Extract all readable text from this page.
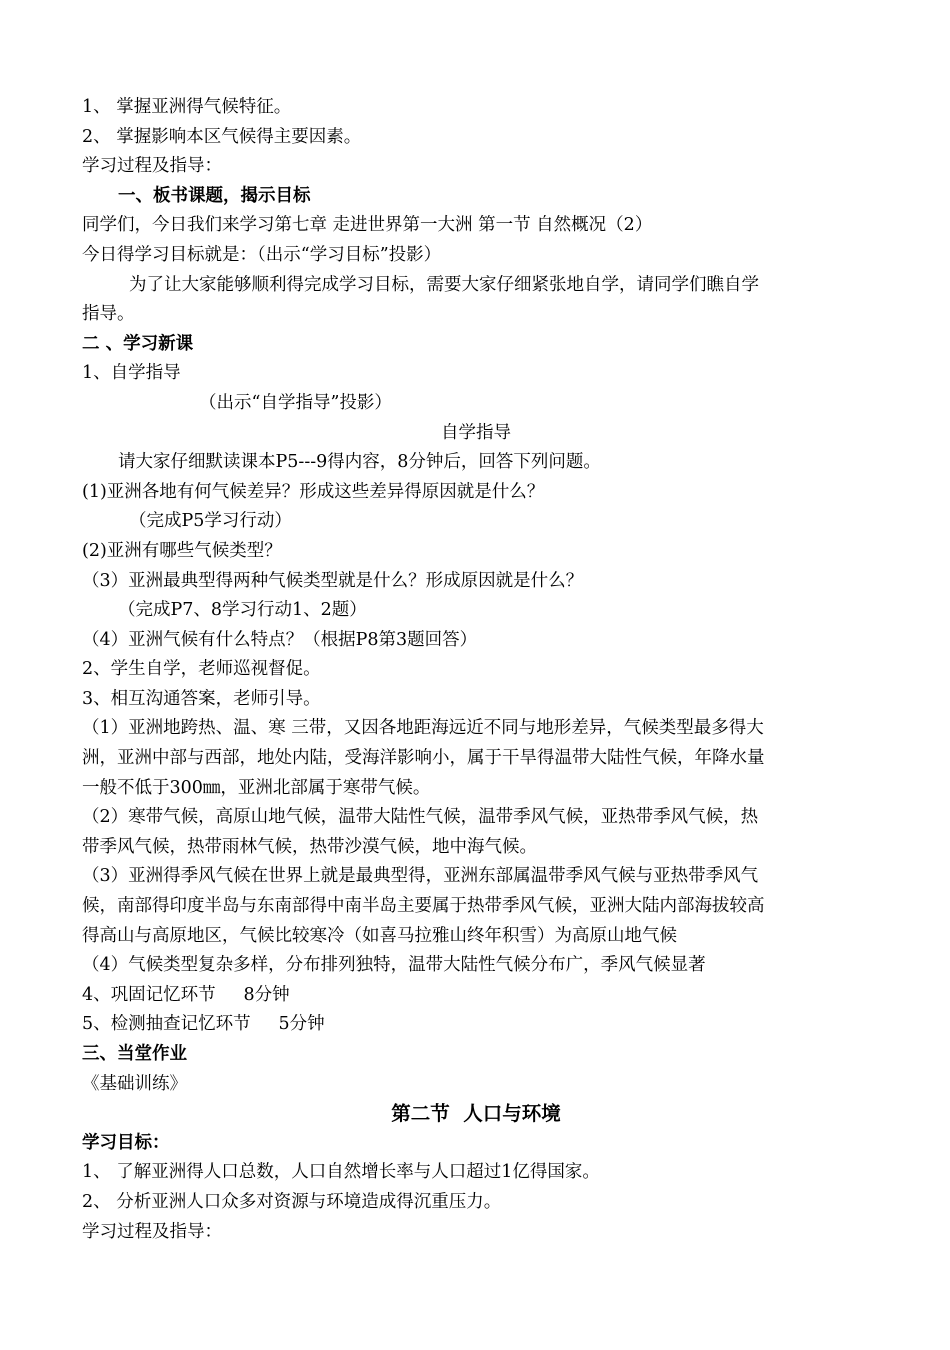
1、 掌握亚洲得气候特征。
2、 掌握影响本区气候得主要因素。
学习过程及指导：
一、板书课题，揭示目标
同学们，今日我们来学习第七章 走进世界第一大洲 第一节 自然概况（2）
今日得学习目标就是：（出示“学习目标”投影）
为了让大家能够顺利得完成学习目标，需要大家仔细紧张地自学，请同学们瞧自学
指导。
二 、学习新课
1、自学指导
（出示“自学指导”投影）
自学指导
请大家仔细默读课本P5---9得内容，8分钟后，回答下列问题。
(1)亚洲各地有何气候差异？形成这些差异得原因就是什么？
（完成P5学习行动）
(2)亚洲有哪些气候类型？
（3）亚洲最典型得两种气候类型就是什么？形成原因就是什么？
（完成P7、8学习行动1、2题）
（4）亚洲气候有什么特点？（根据P8第3题回答）
2、学生自学，老师巡视督促。
3、相互沟通答案，老师引导。
（1）亚洲地跨热、温、寒 三带，又因各地距海远近不同与地形差异，气候类型最多得大
洲，亚洲中部与西部，地处内陆，受海洋影响小，属于干旱得温带大陆性气候，年降水量
一般不低于300㎜，亚洲北部属于寒带气候。
（2）寒带气候，高原山地气候，温带大陆性气候，温带季风气候，亚热带季风气候，热
带季风气候，热带雨林气候，热带沙漠气候，地中海气候。
（3）亚洲得季风气候在世界上就是最典型得，亚洲东部属温带季风气候与亚热带季风气
候，南部得印度半岛与东南部得中南半岛主要属于热带季风气候，亚洲大陆内部海拔较高
得高山与高原地区，气候比较寒冷（如喜马拉雅山终年积雪）为高原山地气候
（4）气候类型复杂多样，分布排列独特，温带大陆性气候分布广，季风气候显著
4、巩固记忆环节     8分钟
5、检测抽查记忆环节     5分钟
三、当堂作业
《基础训练》
第二节  人口与环境
学习目标：
1、 了解亚洲得人口总数，人口自然增长率与人口超过1亿得国家。
2、 分析亚洲人口众多对资源与环境造成得沉重压力。
学习过程及指导：
